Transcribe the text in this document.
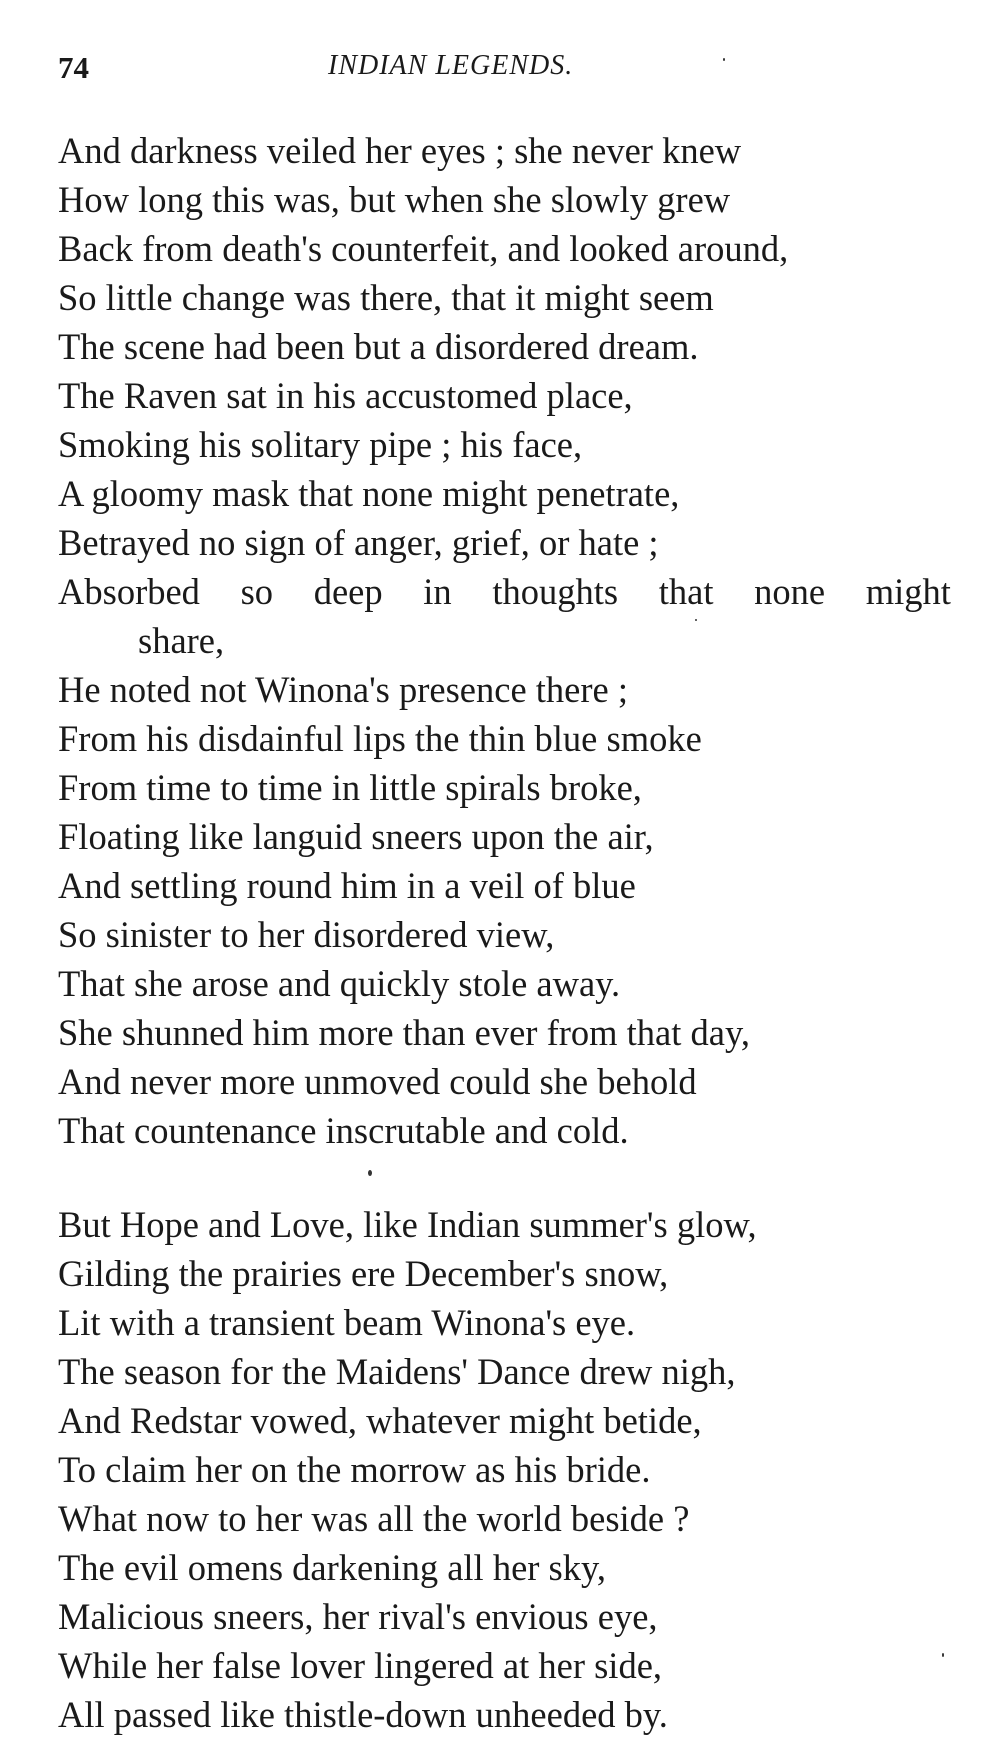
74	INDIAN LEGENDS.
And darkness veiled her eyes ; she never knew
How long this was, but when she slowly grew
Back from death's counterfeit, and looked around,
So little change was there, that it might seem
The scene had been but a disordered dream.
The Raven sat in his accustomed place,
Smoking his solitary pipe ; his face,
A gloomy mask that none might penetrate,
Betrayed no sign of anger, grief, or hate ;
Absorbed so deep in thoughts that none might
share,
He noted not Winona's presence there ;
From his disdainful lips the thin blue smoke
From time to time in little spirals broke,
Floating like languid sneers upon the air,
And settling round him in a veil of blue
So sinister to her disordered view,
That she arose and quickly stole away.
She shunned him more than ever from that day,
And never more unmoved could she behold
That countenance inscrutable and cold.
But Hope and Love, like Indian summer's glow,
Gilding the prairies ere December's snow,
Lit with a transient beam Winona's eye.
The season for the Maidens' Dance drew nigh,
And Redstar vowed, whatever might betide,
To claim her on the morrow as his bride.
What now to her was all the world beside ?
The evil omens darkening all her sky,
Malicious sneers, her rival's envious eye,
While her false lover lingered at her side,
All passed like thistle-down unheeded by.
